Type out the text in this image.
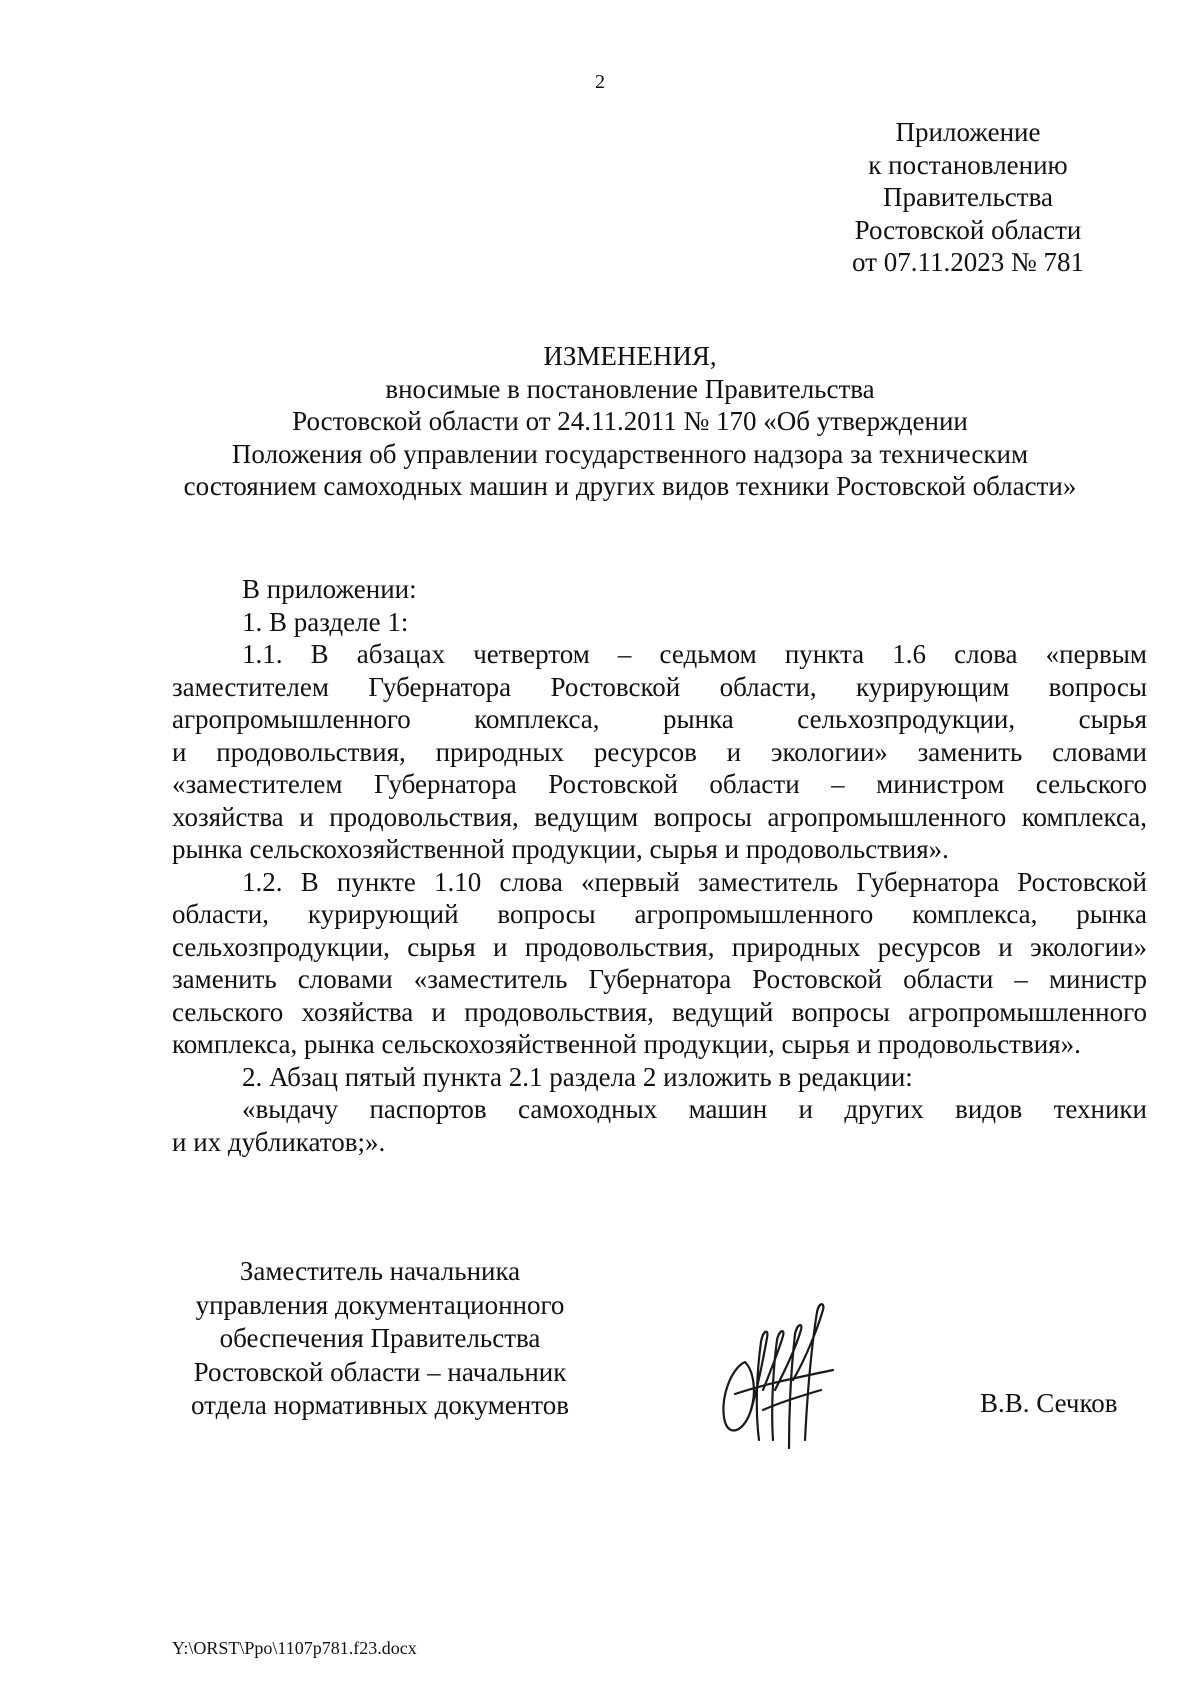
2
Приложение
к постановлению
Правительства
Ростовской области
от 07.11.2023 № 781
ИЗМЕНЕНИЯ,
вносимые в постановление Правительства
Ростовской области от 24.11.2011 № 170 «Об утверждении
Положения об управлении государственного надзора за техническим
состоянием самоходных машин и других видов техники Ростовской области»
В приложении:
1. В разделе 1:
1.1. В абзацах четвертом – седьмом пункта 1.6 слова «первым
заместителем Губернатора Ростовской области, курирующим вопросы
агропромышленного комплекса, рынка сельхозпродукции, сырья
и продовольствия, природных ресурсов и экологии» заменить словами
«заместителем Губернатора Ростовской области – министром сельского
хозяйства и продовольствия, ведущим вопросы агропромышленного комплекса,
рынка сельскохозяйственной продукции, сырья и продовольствия».
1.2. В пункте 1.10 слова «первый заместитель Губернатора Ростовской
области, курирующий вопросы агропромышленного комплекса, рынка
сельхозпродукции, сырья и продовольствия, природных ресурсов и экологии»
заменить словами «заместитель Губернатора Ростовской области – министр
сельского хозяйства и продовольствия, ведущий вопросы агропромышленного
комплекса, рынка сельскохозяйственной продукции, сырья и продовольствия».
2. Абзац пятый пункта 2.1 раздела 2 изложить в редакции:
«выдачу паспортов самоходных машин и других видов техники
и их дубликатов;».
Заместитель начальника
управления документационного
обеспечения Правительства
Ростовской области – начальник
отдела нормативных документов	В.В. Сечков
Y:\ORST\Ppo\1107p781.f23.docx
